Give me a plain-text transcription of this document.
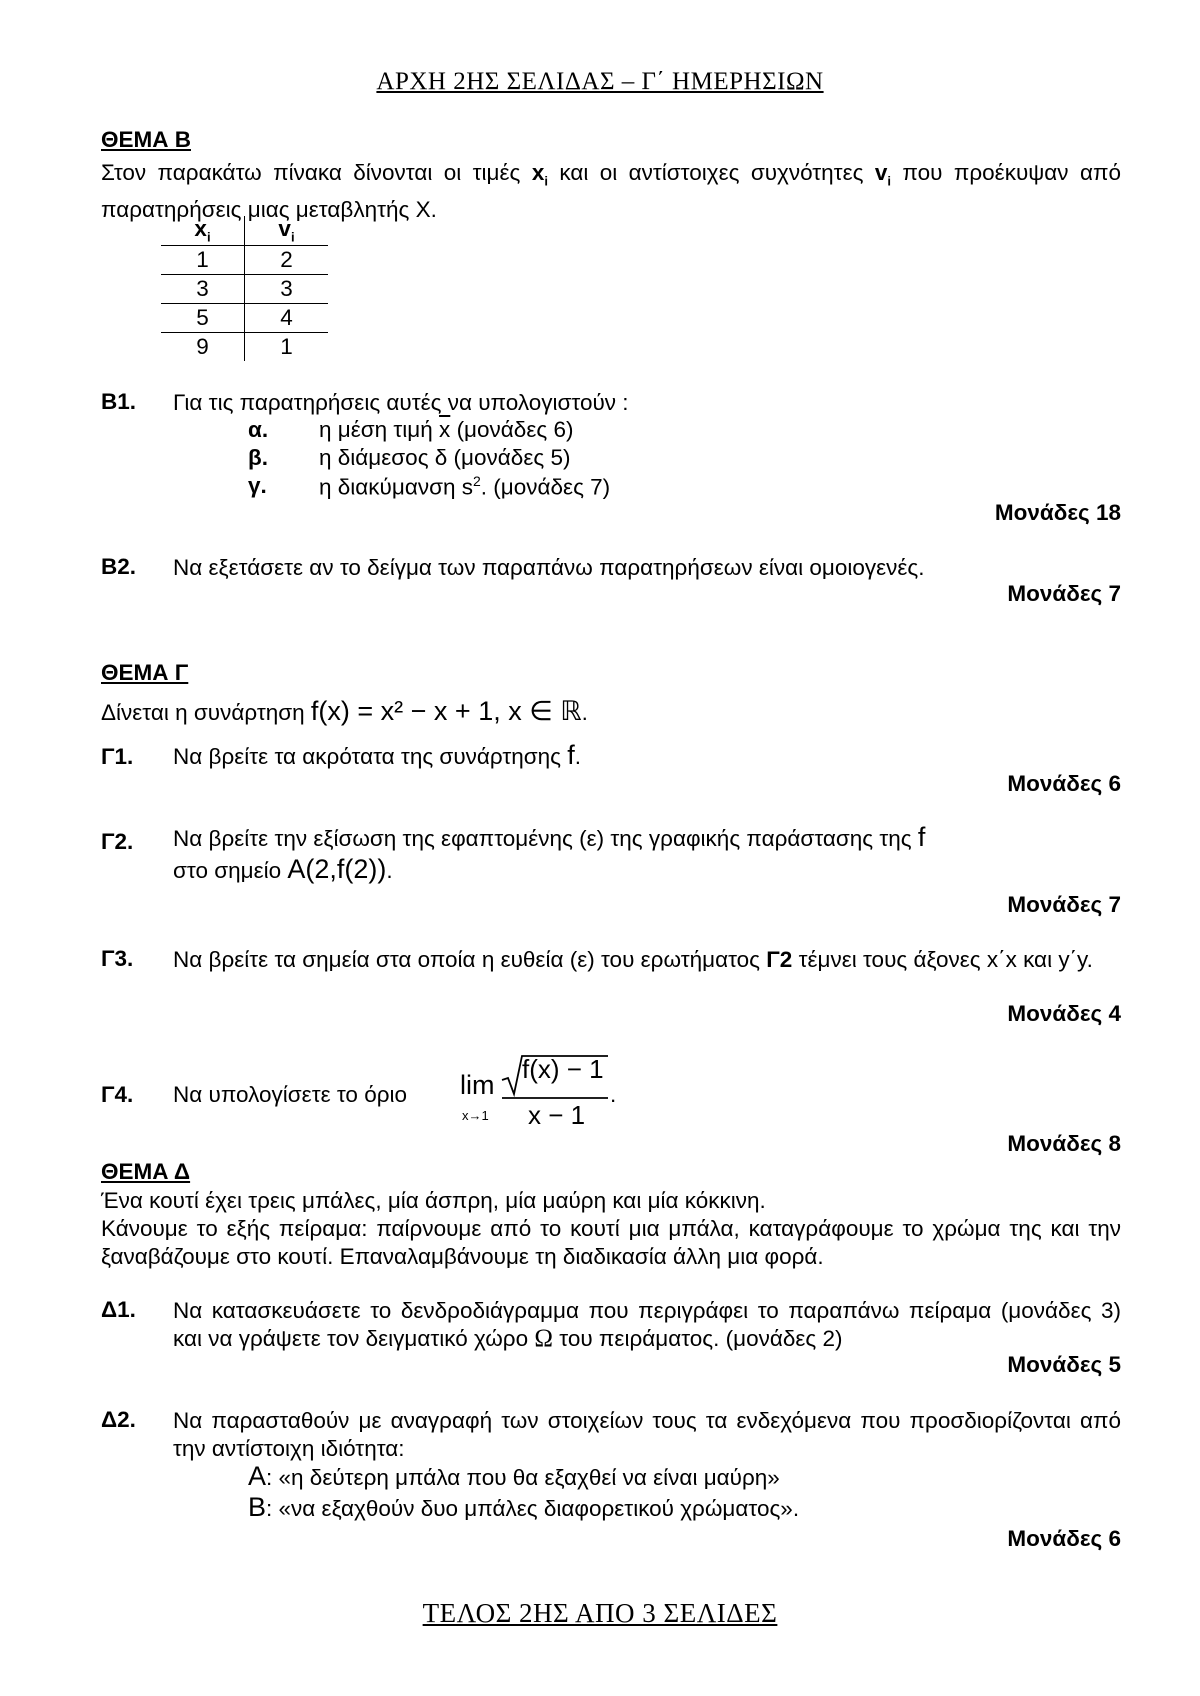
ΑΡΧΗ 2ΗΣ ΣΕΛΙΔΑΣ – Γ΄ ΗΜΕΡΗΣΙΩΝ
ΘΕΜΑ Β
Στον παρακάτω πίνακα δίνονται οι τιμές $x_i$ και οι αντίστοιχες συχνότητες $v_i$ που προέκυψαν από παρατηρήσεις μιας μεταβλητής Χ.
$x_i$	$v_i$
1	2
3	3
5	4
9	1
Β1. Για τις παρατηρήσεις αυτές να υπολογιστούν :
α. η μέση τιμή $\overline{x}$ (μονάδες 6)
β. η διάμεσος δ (μονάδες 5)
γ. η διακύμανση $s^2$. (μονάδες 7)
Μονάδες 18
Β2. Να εξετάσετε αν το δείγμα των παραπάνω παρατηρήσεων είναι ομοιογενές.
Μονάδες 7
ΘΕΜΑ Γ
Δίνεται η συνάρτηση f(x) = x² − x + 1, x ∈ ℝ.
Γ1. Να βρείτε τα ακρότατα της συνάρτησης f.
Μονάδες 6
Γ2. Να βρείτε την εξίσωση της εφαπτομένης (ε) της γραφικής παράστασης της f
στο σημείο Α(2,f(2)).
Μονάδες 7
Γ3. Να βρείτε τα σημεία στα οποία η ευθεία (ε) του ερωτήματος Γ2 τέμνει τους άξονες x΄x και y΄y.
Μονάδες 4
Γ4. Να υπολογίσετε το όριο lim
x→1
f(x) − 1
x − 1
.
Μονάδες 8
ΘΕΜΑ Δ
Ένα κουτί έχει τρεις μπάλες, μία άσπρη, μία μαύρη και μία κόκκινη.
Κάνουμε το εξής πείραμα: παίρνουμε από το κουτί μια μπάλα, καταγράφουμε το χρώμα της και την ξαναβάζουμε στο κουτί. Επαναλαμβάνουμε τη διαδικασία άλλη μια φορά.
Δ1. Να κατασκευάσετε το δενδροδιάγραμμα που περιγράφει το παραπάνω πείραμα (μονάδες 3) και να γράψετε τον δειγματικό χώρο Ω του πειράματος. (μονάδες 2)
Μονάδες 5
Δ2. Να παρασταθούν με αναγραφή των στοιχείων τους τα ενδεχόμενα που προσδιορίζονται από την αντίστοιχη ιδιότητα:
A: «η δεύτερη μπάλα που θα εξαχθεί να είναι μαύρη»
B: «να εξαχθούν δυο μπάλες διαφορετικού χρώματος».
Μονάδες 6
ΤΕΛΟΣ 2ΗΣ ΑΠΟ 3 ΣΕΛΙΔΕΣ
